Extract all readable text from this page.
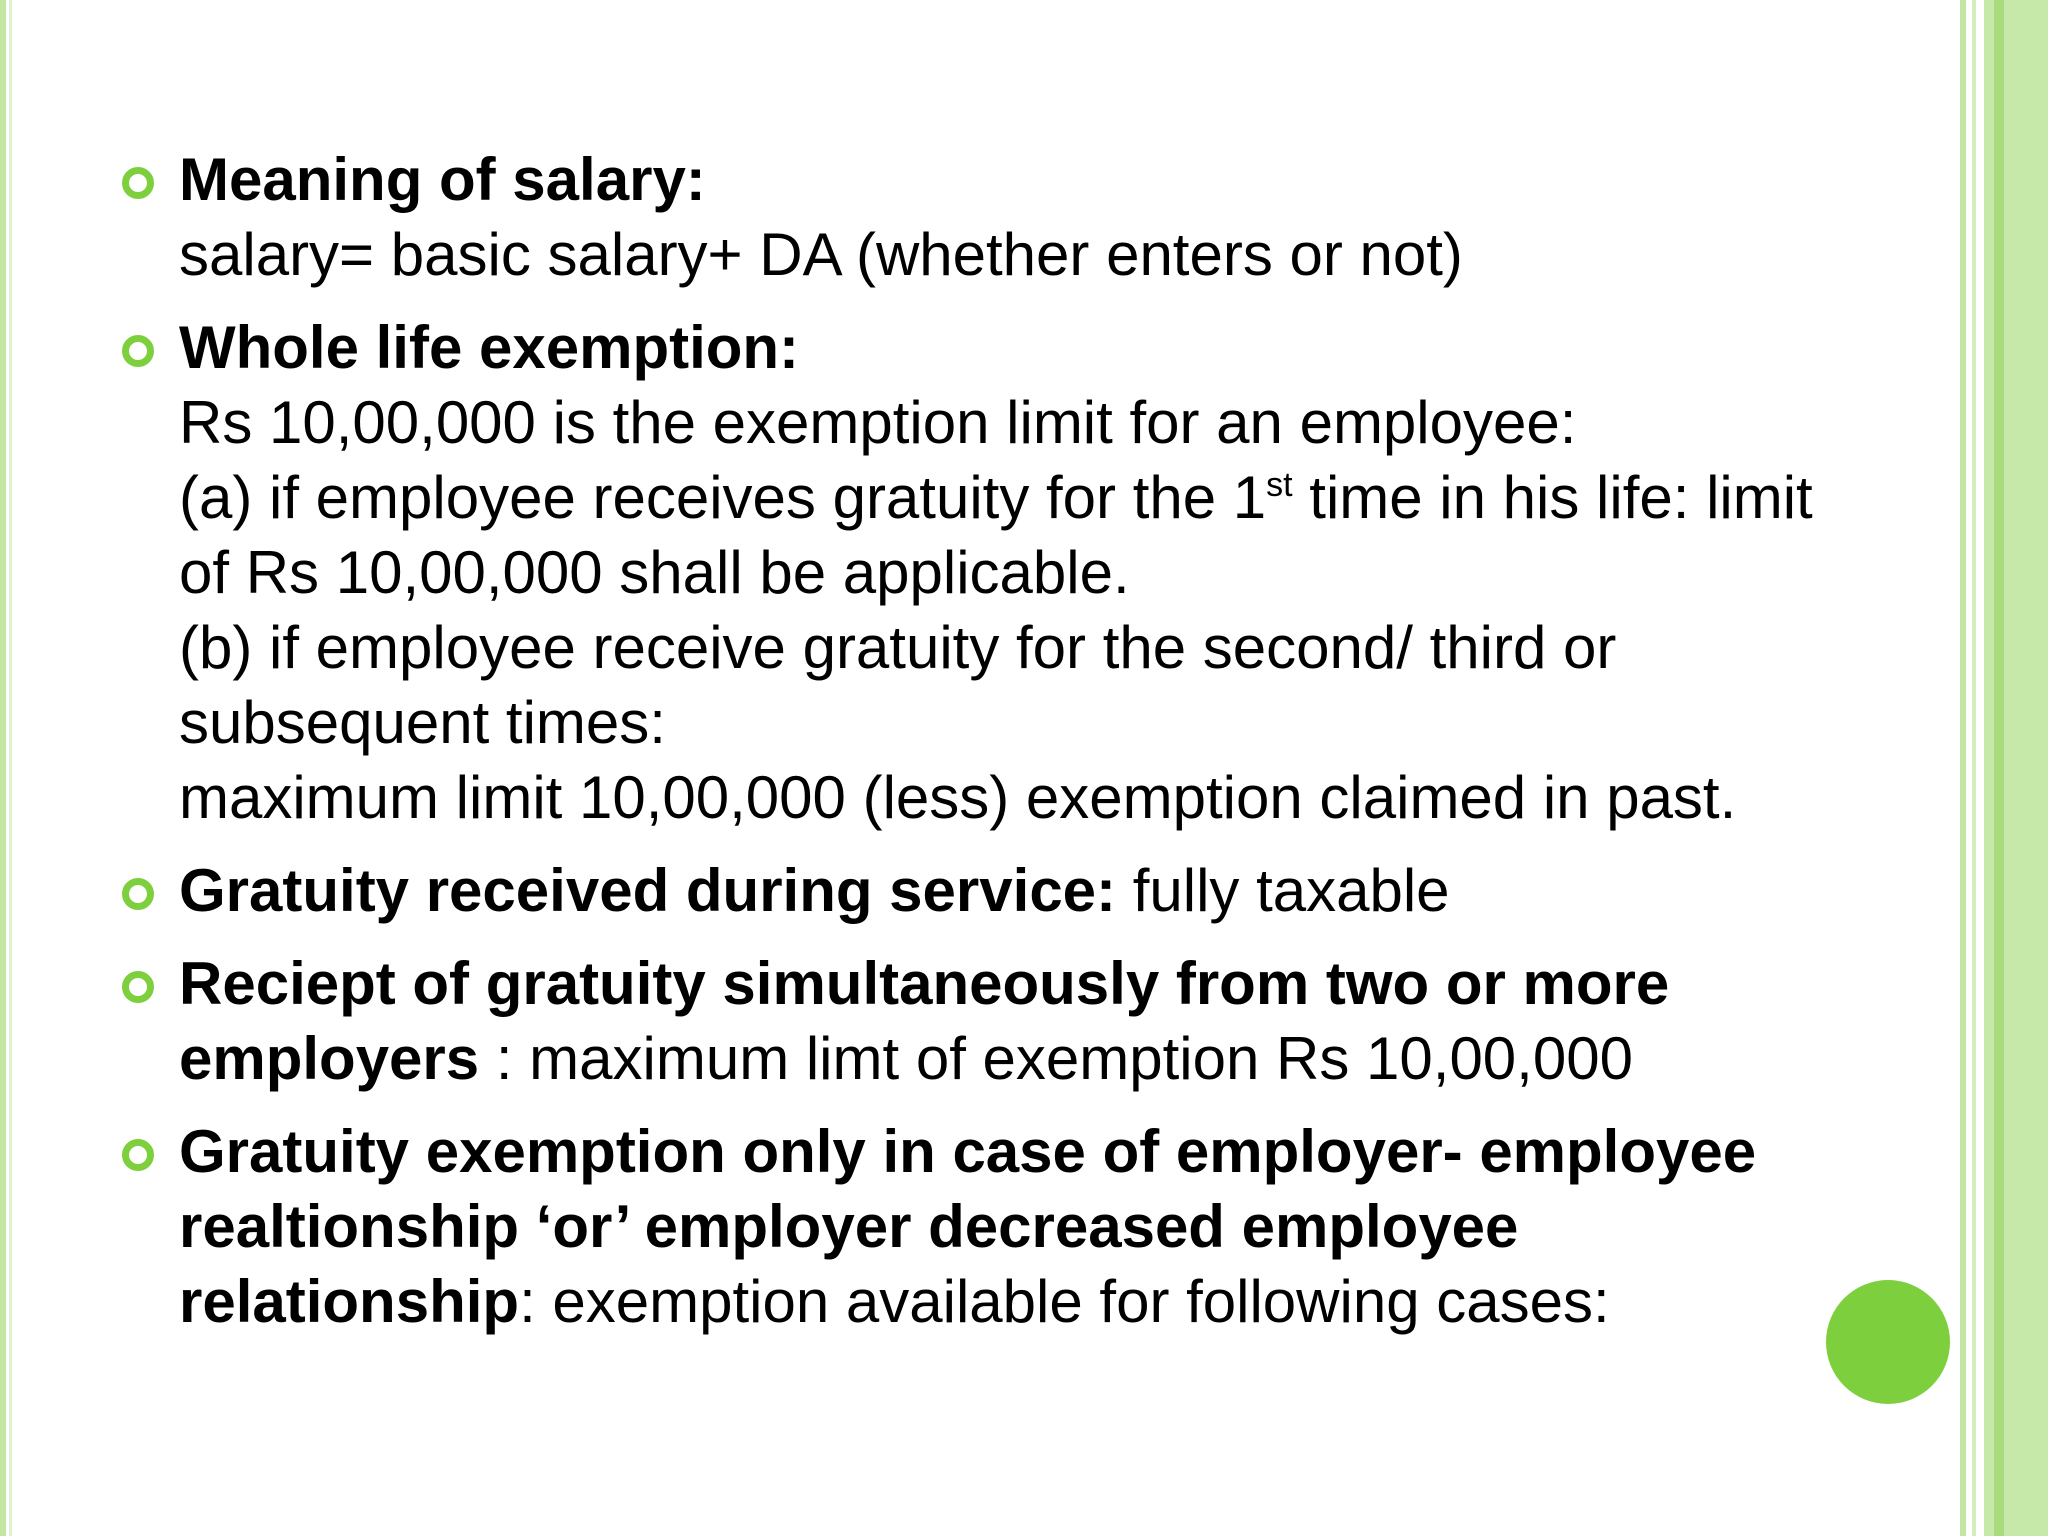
Meaning of salary:
salary= basic salary+ DA (whether enters or not)
Whole life exemption:
Rs 10,00,000 is the exemption limit for an employee:
(a) if employee receives gratuity for the 1st time in his life: limit
of Rs 10,00,000 shall be applicable.
(b) if employee receive gratuity for the second/ third or
subsequent times:
maximum limit 10,00,000 (less) exemption claimed in past.
Gratuity received during service: fully taxable
Reciept of gratuity simultaneously from two or more
employers : maximum limt of exemption Rs 10,00,000
Gratuity exemption only in case of employer- employee
realtionship ‘or’ employer decreased employee
relationship: exemption available for following cases:
